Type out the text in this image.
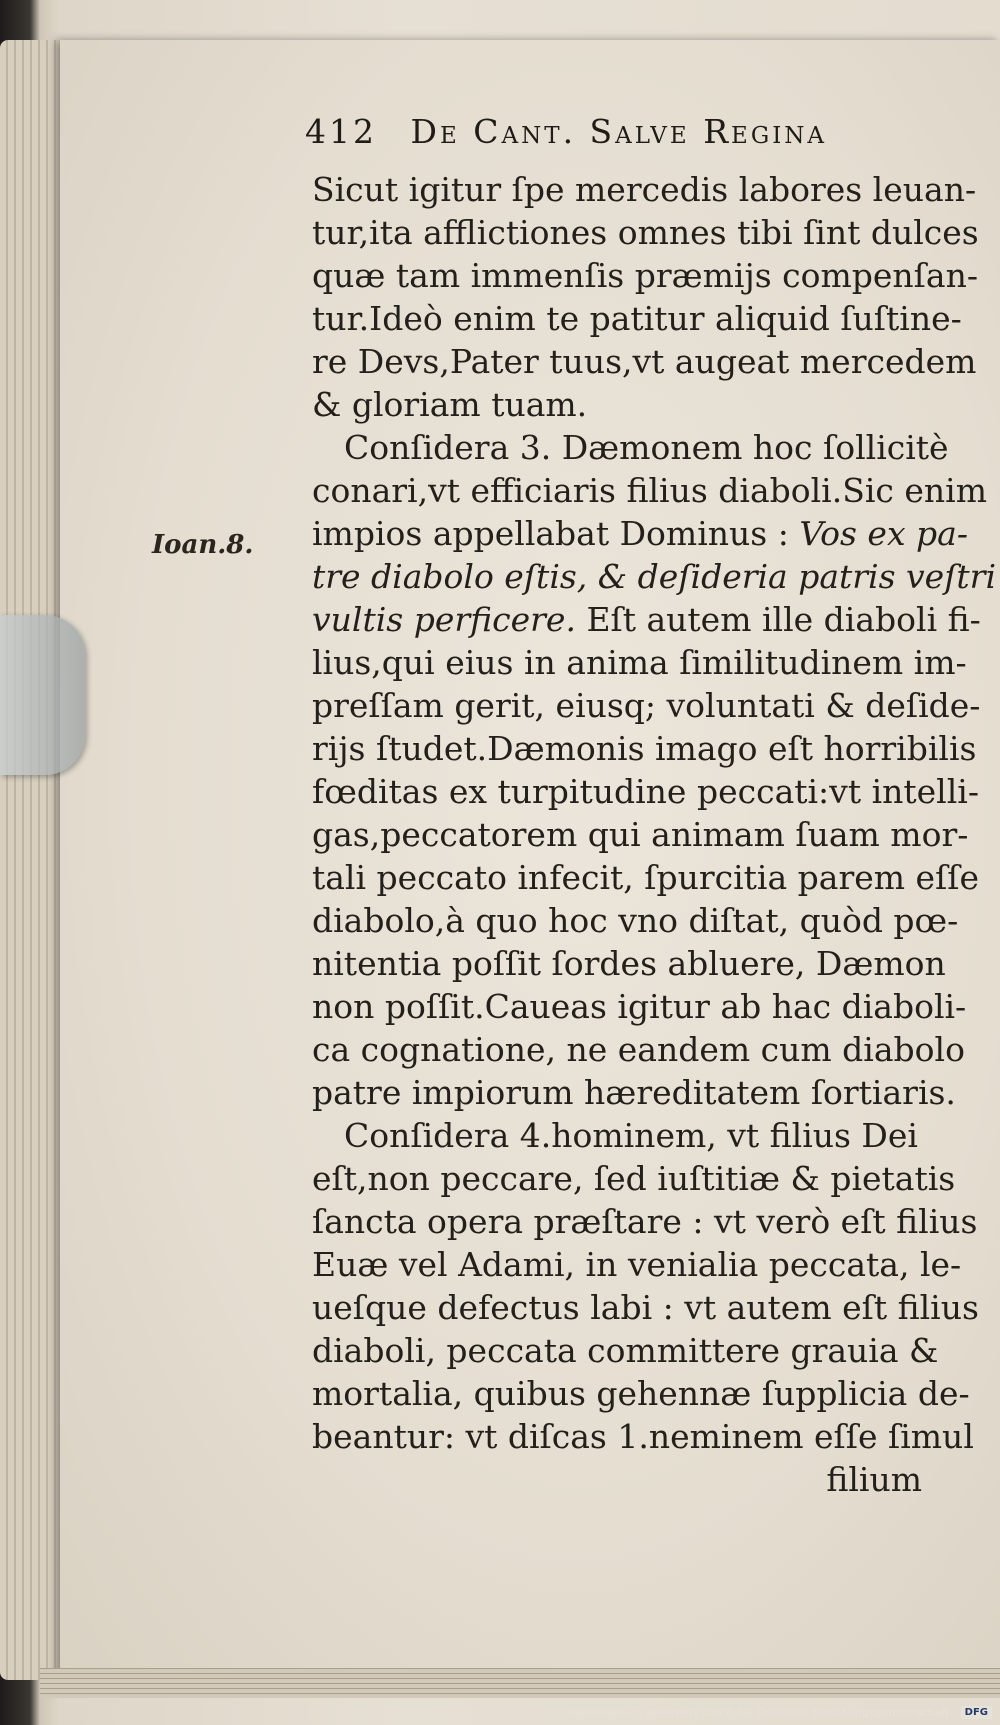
412 De Cant. Salve Regina
Ioan.8.
Sicut igitur ſpe mercedis labores leuan-
tur,ita afflictiones omnes tibi ſint dulces
quæ tam immenſis præmijs compenſan-
tur.Ideò enim te patitur aliquid ſuſtine-
re Devs,Pater tuus,vt augeat mercedem
& gloriam tuam.
Conſidera 3. Dæmonem hoc ſollicitè
conari,vt efficiaris filius diaboli.Sic enim
impios appellabat Dominus : Vos ex pa-
tre diabolo eſtis, & deſideria patris veſtri
vultis perficere. Eſt autem ille diaboli fi-
lius,qui eius in anima ſimilitudinem im-
preſſam gerit, eiusq; voluntati & deſide-
rijs ſtudet.Dæmonis imago eſt horribilis
fœditas ex turpitudine peccati:vt intelli-
gas,peccatorem qui animam ſuam mor-
tali peccato infecit, ſpurcitia parem eſſe
diabolo,à quo hoc vno diſtat, quòd pœ-
nitentia poſſit ſordes abluere, Dæmon
non poſſit.Caueas igitur ab hac diaboli-
ca cognatione, ne eandem cum diabolo
patre impiorum hæreditatem ſortiaris.
Conſidera 4.hominem, vt filius Dei
eſt,non peccare, ſed iuſtitiæ & pietatis
ſancta opera præſtare : vt verò eſt filius
Euæ vel Adami, in venialia peccata, le-
ueſque defectus labi : vt autem eſt filius
diaboli, peccata committere grauia &
mortalia, quibus gehennæ ſupplicia de-
beantur: vt diſcas 1.neminem eſſe ſimul
filium
Digitalisierung gefördert durch die Deutsche Forschungsgemeinschaft - DFG
